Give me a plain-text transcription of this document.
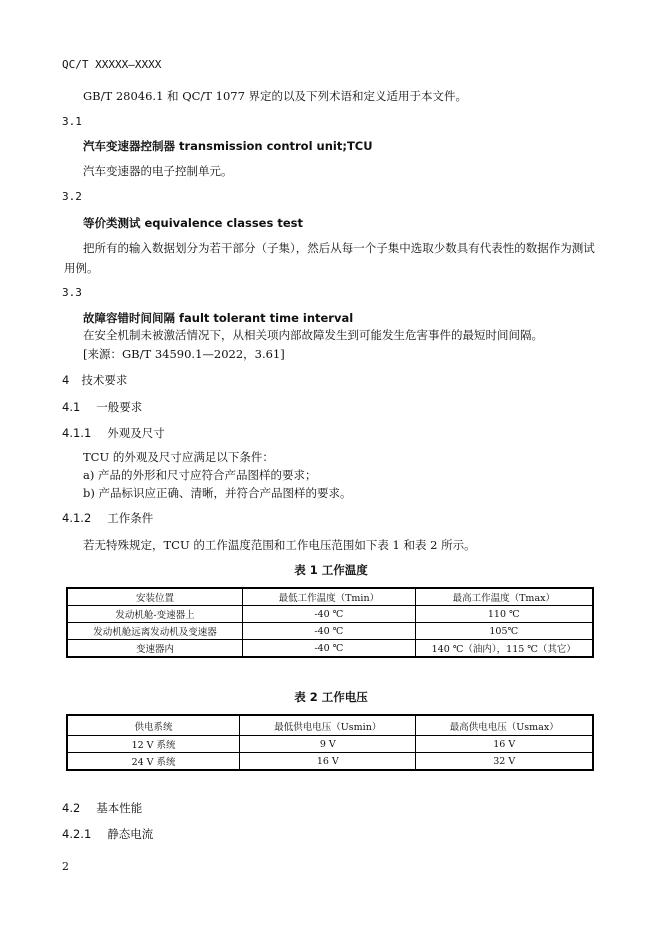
QC/T XXXXX—XXXX
GB/T 28046.1 和 QC/T 1077 界定的以及下列术语和定义适用于本文件。
3.1
汽车变速器控制器 transmission control unit;TCU
汽车变速器的电子控制单元。
3.2
等价类测试 equivalence classes test
把所有的输入数据划分为若干部分（子集），然后从每一个子集中选取少数具有代表性的数据作为测试用例。
3.3
故障容错时间间隔 fault tolerant time interval
在安全机制未被激活情况下，从相关项内部故障发生到可能发生危害事件的最短时间间隔。
[来源：GB/T 34590.1—2022，3.61]
4 技术要求
4.1 一般要求
4.1.1 外观及尺寸
TCU 的外观及尺寸应满足以下条件：
a) 产品的外形和尺寸应符合产品图样的要求；
b) 产品标识应正确、清晰，并符合产品图样的要求。
4.1.2 工作条件
若无特殊规定，TCU 的工作温度范围和工作电压范围如下表 1 和表 2 所示。
表 1 工作温度
安装位置	最低工作温度（Tmin）	最高工作温度（Tmax）
发动机舱-变速器上	-40 ℃	110 ℃
发动机舱远离发动机及变速器	-40 ℃	105℃
变速器内	-40 ℃	140 ℃（油内），115 ℃（其它）
表 2 工作电压
供电系统	最低供电电压（Usmin）	最高供电电压（Usmax）
12 V 系统	9 V	16 V
24 V 系统	16 V	32 V
4.2 基本性能
4.2.1 静态电流
2
